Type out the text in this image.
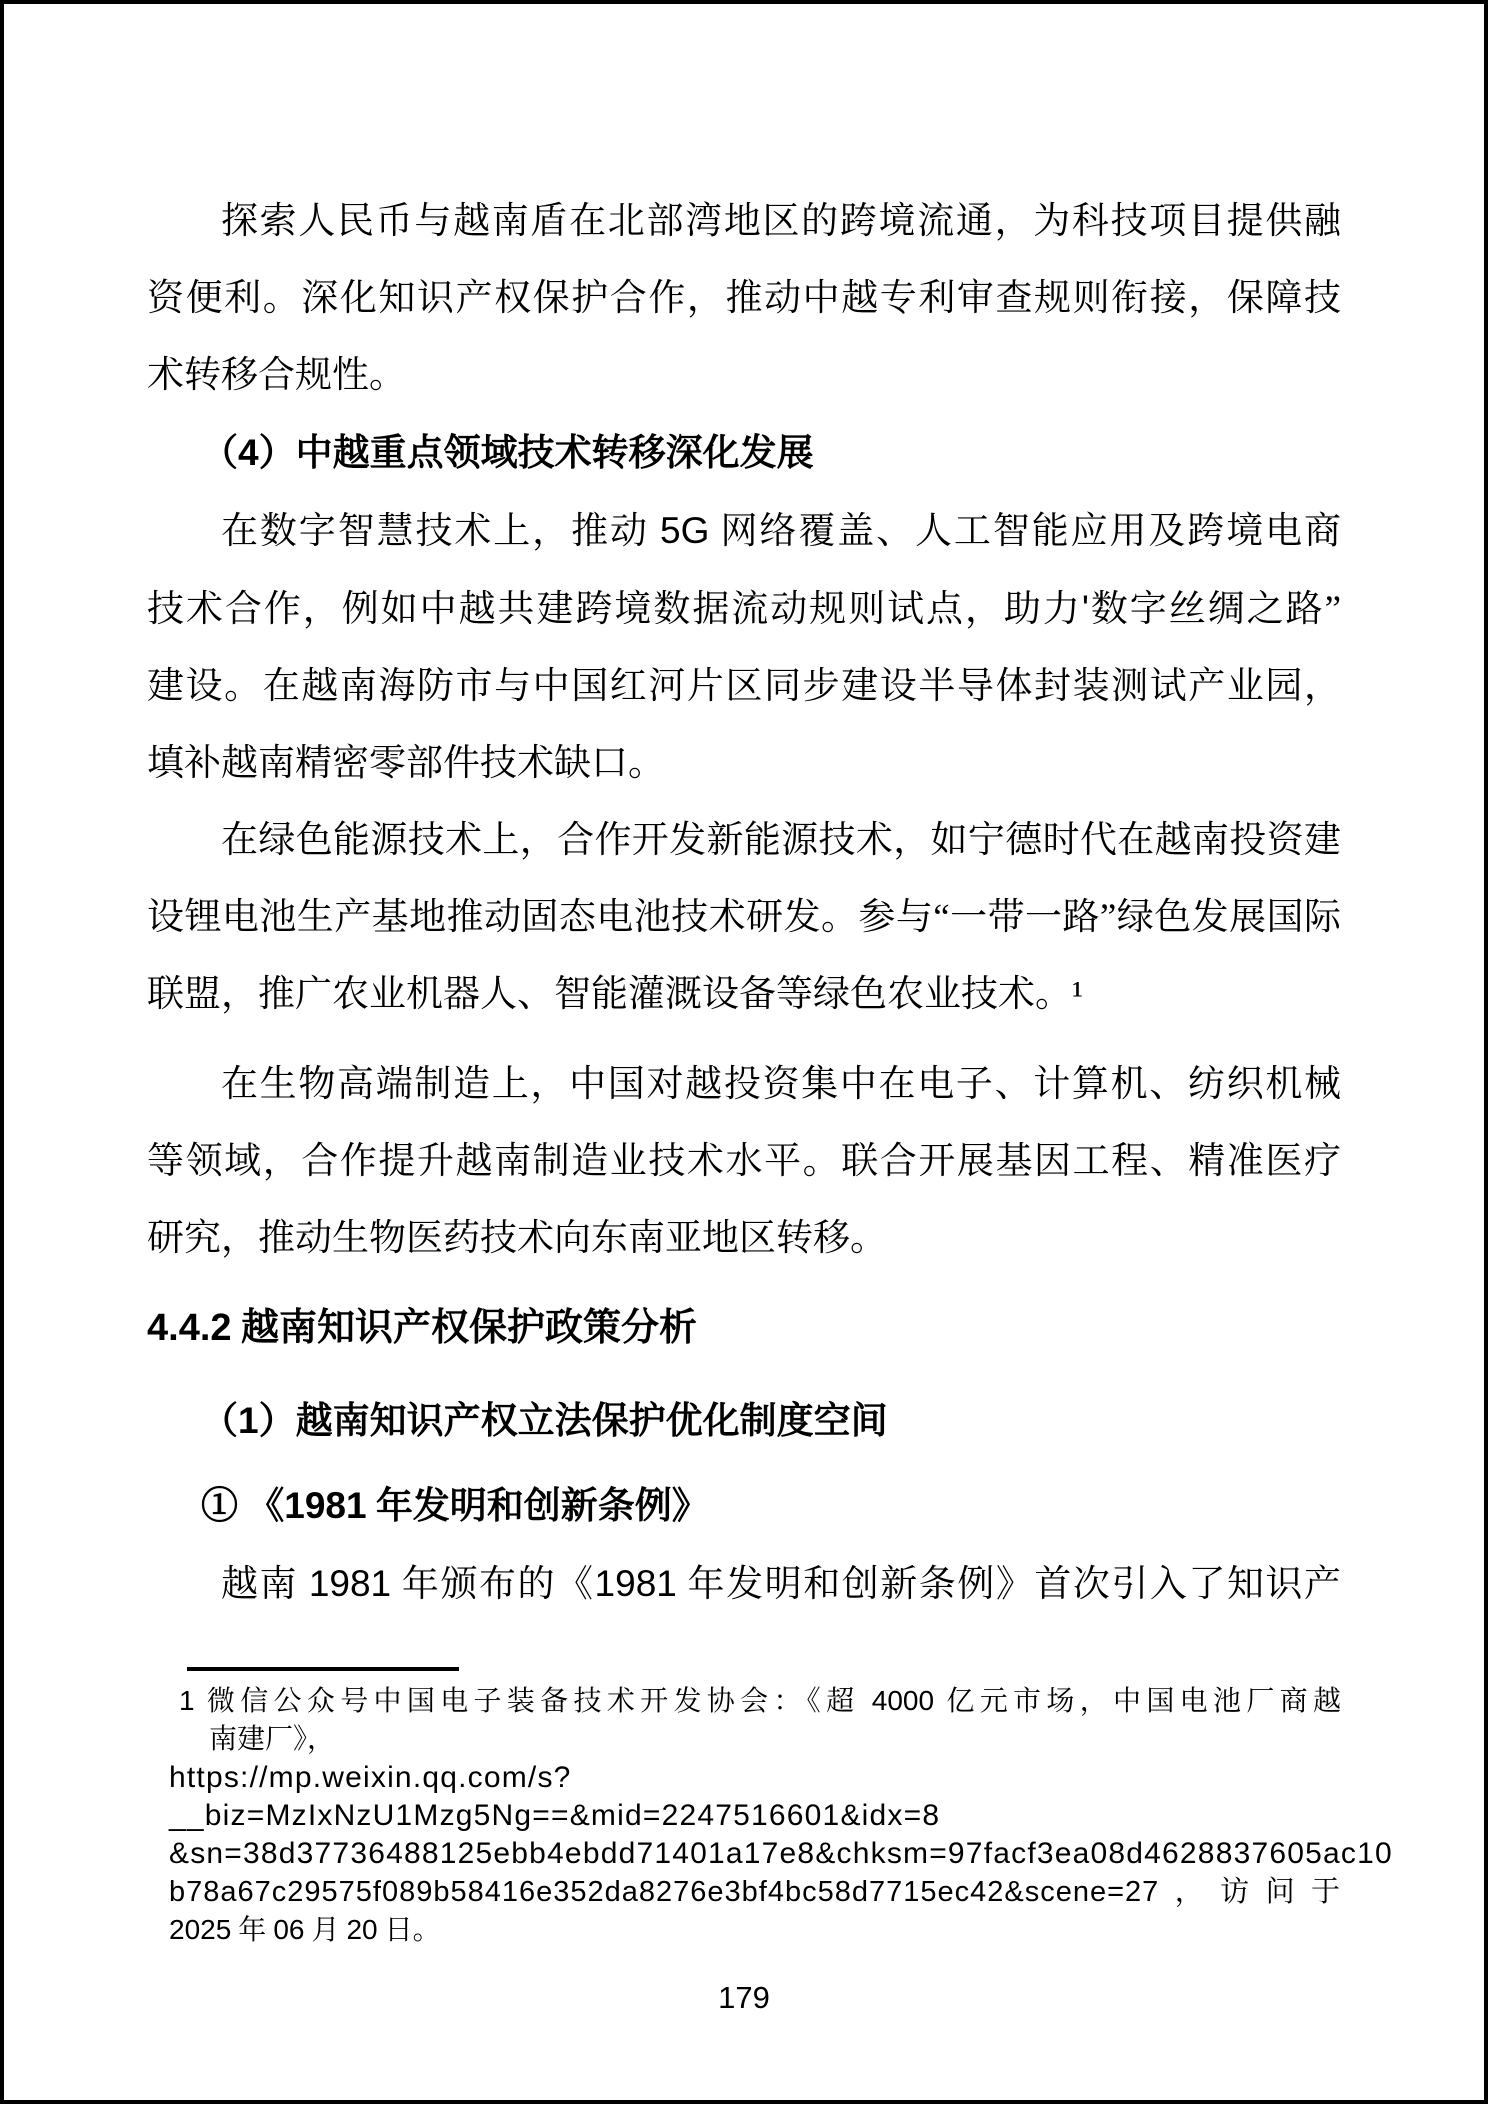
探索人民币与越南盾在北部湾地区的跨境流通，为科技项目提供融
资便利。深化知识产权保护合作，推动中越专利审查规则衔接，保障技
术转移合规性。
（4）中越重点领域技术转移深化发展
在数字智慧技术上，推动 5G 网络覆盖、人工智能应用及跨境电商
技术合作，例如中越共建跨境数据流动规则试点，助力'数字丝绸之路”
建设。在越南海防市与中国红河片区同步建设半导体封装测试产业园，
填补越南精密零部件技术缺口。
在绿色能源技术上，合作开发新能源技术，如宁德时代在越南投资建
设锂电池生产基地推动固态电池技术研发。参与“一带一路”绿色发展国际
联盟，推广农业机器人、智能灌溉设备等绿色农业技术。¹
在生物高端制造上，中国对越投资集中在电子、计算机、纺织机械
等领域，合作提升越南制造业技术水平。联合开展基因工程、精准医疗
研究，推动生物医药技术向东南亚地区转移。
4.4.2 越南知识产权保护政策分析
（1）越南知识产权立法保护优化制度空间
① 《1981 年发明和创新条例》
越南 1981 年颁布的《1981 年发明和创新条例》首次引入了知识产
1 微信公众号中国电子装备技术开发协会：《超 4000 亿元市场，中国电池厂商越
南建厂》，
https://mp.weixin.qq.com/s?__biz=MzIxNzU1Mzg5Ng==&mid=2247516601&idx=8
&sn=38d37736488125ebb4ebdd71401a17e8&chksm=97facf3ea08d4628837605ac10
b78a67c29575f089b58416e352da8276e3bf4bc58d7715ec42&scene=27，访问于
2025 年 06 月 20 日。
179
